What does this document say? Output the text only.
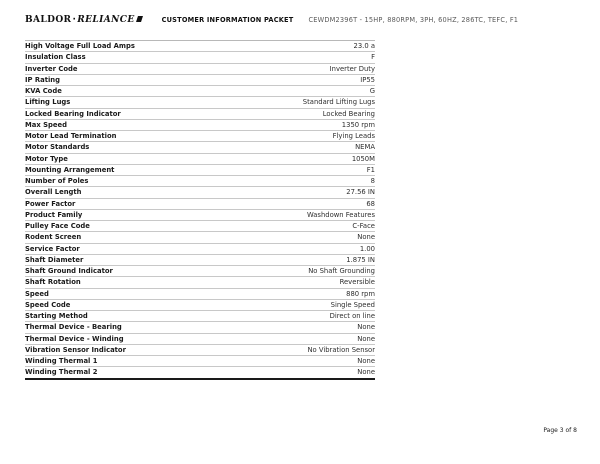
BALDOR · RELIANCE	CUSTOMER INFORMATION PACKET CEWDM2396T - 15HP, 880RPM, 3PH, 60HZ, 286TC, TEFC, F1
High Voltage Full Load Amps	23.0 a
Insulation Class	F
Inverter Code	Inverter Duty
IP Rating	IP55
KVA Code	G
Lifting Lugs	Standard Lifting Lugs
Locked Bearing Indicator	Locked Bearing
Max Speed	1350 rpm
Motor Lead Termination	Flying Leads
Motor Standards	NEMA
Motor Type	1050M
Mounting Arrangement	F1
Number of Poles	8
Overall Length	27.56 IN
Power Factor	68
Product Family	Washdown Features
Pulley Face Code	C-Face
Rodent Screen	None
Service Factor	1.00
Shaft Diameter	1.875 IN
Shaft Ground Indicator	No Shaft Grounding
Shaft Rotation	Reversible
Speed	880 rpm
Speed Code	Single Speed
Starting Method	Direct on line
Thermal Device - Bearing	None
Thermal Device - Winding	None
Vibration Sensor Indicator	No Vibration Sensor
Winding Thermal 1	None
Winding Thermal 2	None
Page 3 of 8
